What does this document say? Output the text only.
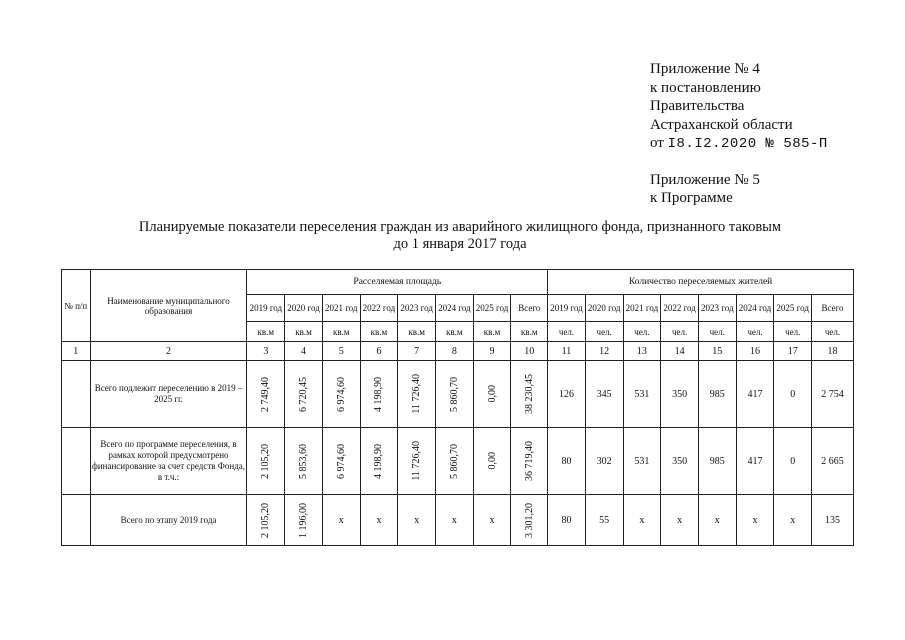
Приложение № 4
к постановлению
Правительства
Астраханской области
от I8.I2.2020 № 585-П
Приложение № 5
к Программе
Планируемые показатели переселения граждан из аварийного жилищного фонда, признанного таковым
до 1 января 2017 года
№ п/п	Наименование муниципального образования	Расселяемая площадь								Количество переселяемых жителей							
		2019 год	2020 год	2021 год	2022 год	2023 год	2024 год	2025 год	Всего	2019 год	2020 год	2021 год	2022 год	2023 год	2024 год	2025 год	Всего
		кв.м	кв.м	кв.м	кв.м	кв.м	кв.м	кв.м	кв.м	чел.	чел.	чел.	чел.	чел.	чел.	чел.	чел.
1	2	3	4	5	6	7	8	9	10	11	12	13	14	15	16	17	18
	Всего подлежит переселению в 2019 – 2025 гг.	2 749,40	6 720,45	6 974,60	4 198,90	11 726,40	5 860,70	0,00	38 230,45	126	345	531	350	985	417	0	2 754
	Всего по программе переселения, в рамках которой предусмотрено финансирование за счет средств Фонда, в т.ч.:	2 105,20	5 853,60	6 974,60	4 198,90	11 726,40	5 860,70	0,00	36 719,40	80	302	531	350	985	417	0	2 665
	Всего по этапу 2019 года	2 105,20	1 196,00	x	x	x	x	x	3 301,20	80	55	x	x	x	x	x	135
